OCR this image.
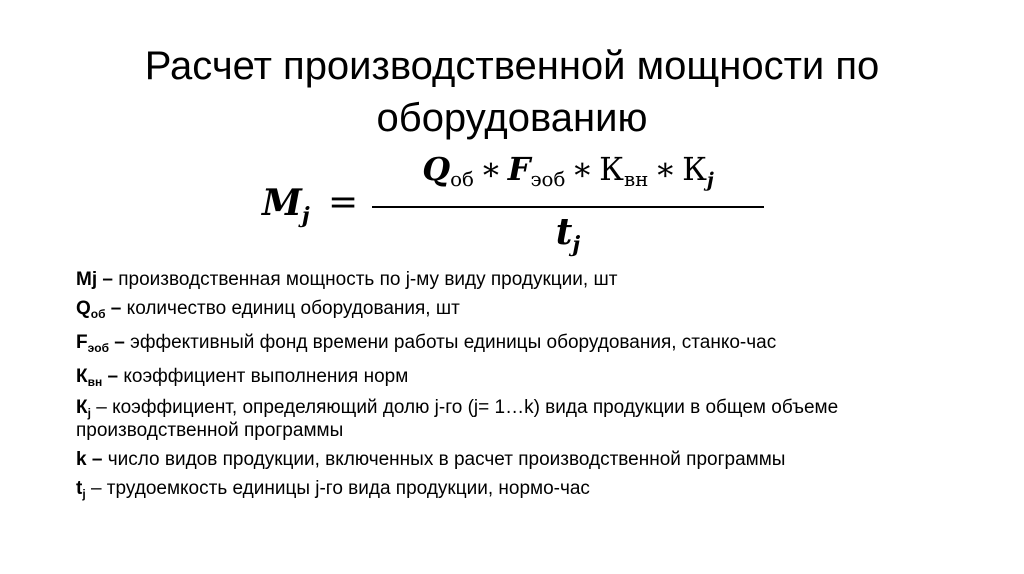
Расчет производственной мощности по оборудованию
$M_j$ =
Qоб ∗ Fэоб ∗ Квн ∗ $К_j$
$t_j$
Mj – производственная мощность по j-му виду продукции, шт
$Q_{об}$ – количество единиц оборудования, шт
$F_{эоб}$ – эффективный фонд времени работы единицы оборудования, станко-час
$К_{вн}$ – коэффициент выполнения норм
$К_j$ – коэффициент, определяющий долю j-го (j= 1…k) вида продукции в общем объеме производственной программы
k – число видов продукции, включенных в расчет производственной программы
$t_j$ – трудоемкость единицы j-го вида продукции, нормо-час
